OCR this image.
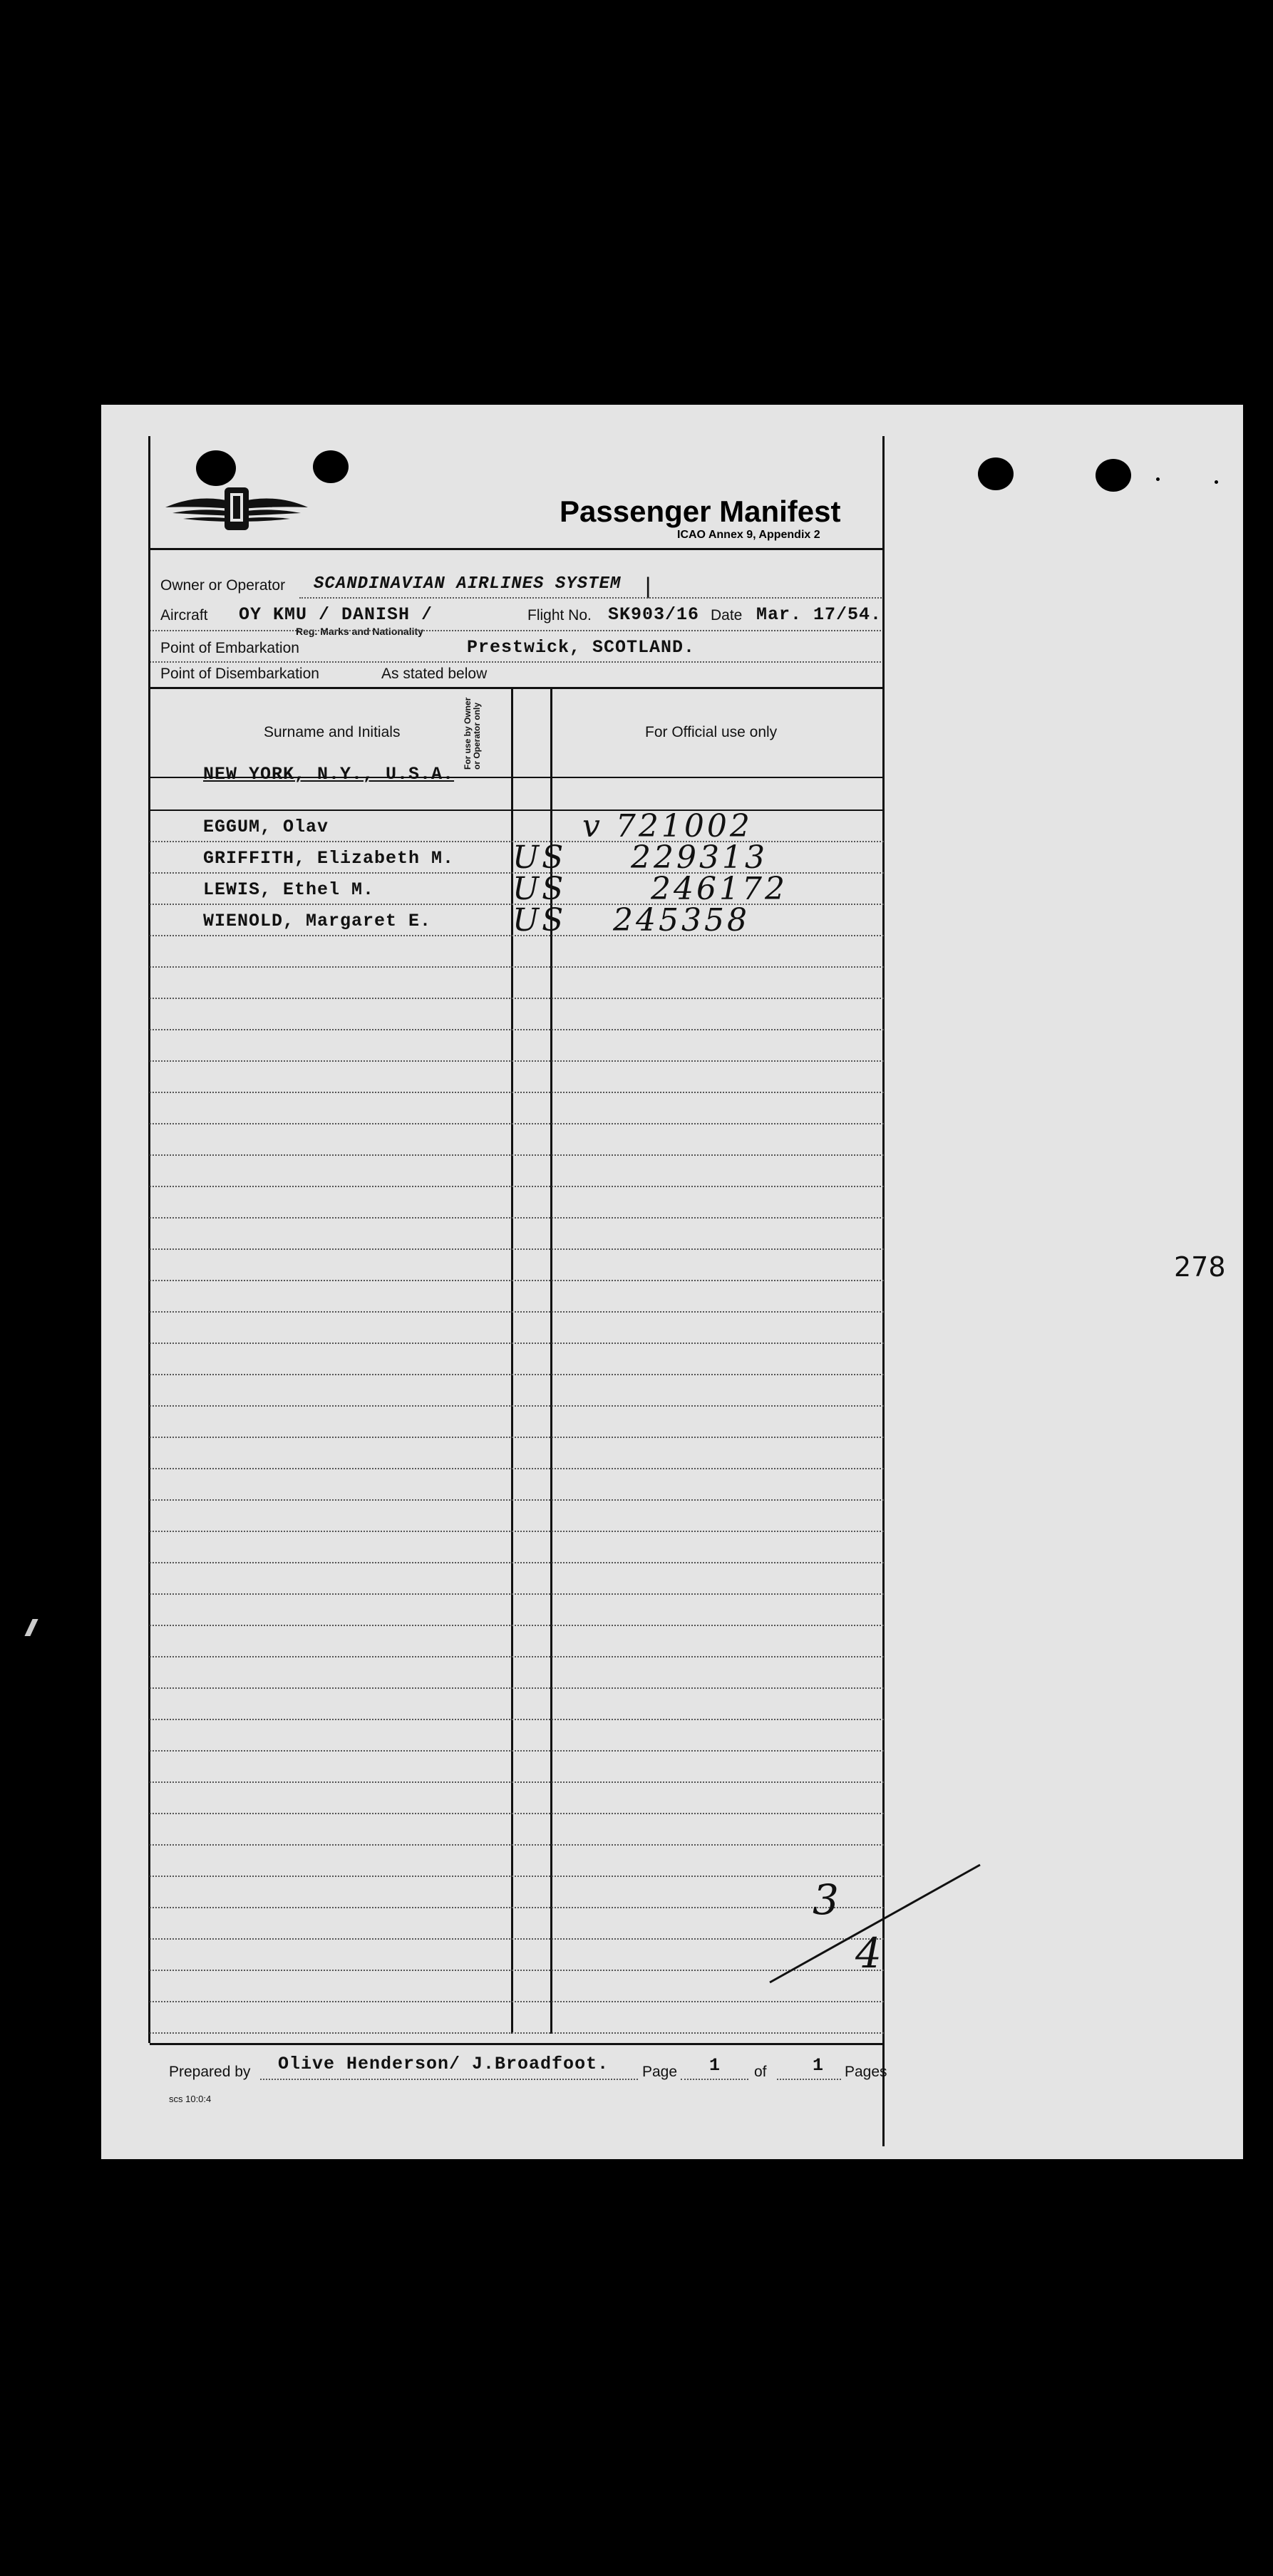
278
Passenger Manifest
ICAO Annex 9, Appendix 2
Owner or Operator SCANDINAVIAN AIRLINES SYSTEM |
Aircraft OY KMU / DANISH /
Reg. Marks and Nationality
Flight No. SK903/16 Date Mar. 17/54.
Point of Embarkation	Prestwick, SCOTLAND.
Point of Disembarkation	As stated below
Surname and Initials	For use by Owner or Operator only	For Official use only
NEW YORK, N.Y., U.S.A.
EGGUM, Olav	v 721002
GRIFFITH, Elizabeth M. US 229313
LEWIS, Ethel M.	US	246172
WIENOLD, Margaret E.	US 245358
Prepared by Olive Henderson/ J.Broadfoot. Page 1 of	1 Pages
scs 10:0:4
3
4
